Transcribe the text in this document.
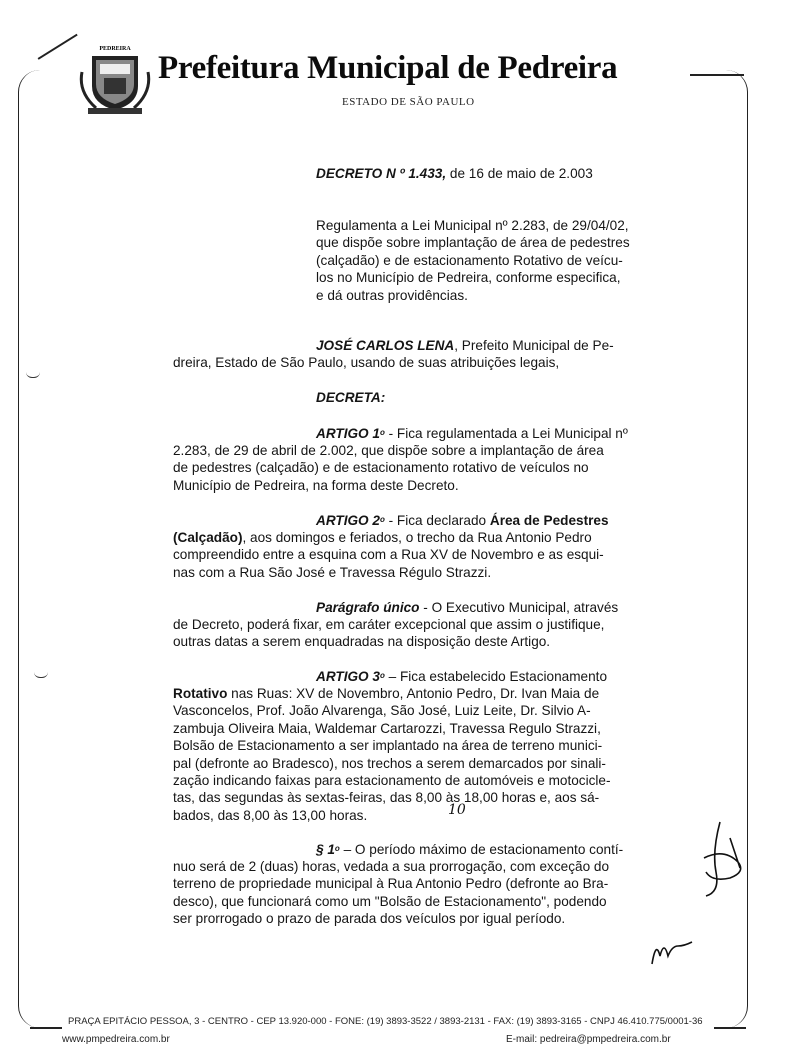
PEDREIRA
Prefeitura Municipal de Pedreira
ESTADO DE SÃO PAULO
DECRETO N º 1.433, de 16 de maio de 2.003
Regulamenta a Lei Municipal nº 2.283, de 29/04/02,
que dispõe sobre implantação de área de pedestres
(calçadão) e de estacionamento Rotativo de veícu-
los no Município de Pedreira, conforme especifica,
e dá outras providências.
JOSÉ CARLOS LENA, Prefeito Municipal de Pe-
dreira, Estado de São Paulo, usando de suas atribuições legais,
DECRETA:
ARTIGO 1$^o$ - Fica regulamentada a Lei Municipal nº
2.283, de 29 de abril de 2.002, que dispõe sobre a implantação de área
de pedestres (calçadão) e de estacionamento rotativo de veículos no
Município de Pedreira, na forma deste Decreto.
ARTIGO 2$^o$ - Fica declarado Área de Pedestres
(Calçadão), aos domingos e feriados, o trecho da Rua Antonio Pedro
compreendido entre a esquina com a Rua XV de Novembro e as esqui-
nas com a Rua São José e Travessa Régulo Strazzi.
Parágrafo único - O Executivo Municipal, através
de Decreto, poderá fixar, em caráter excepcional que assim o justifique,
outras datas a serem enquadradas na disposição deste Artigo.
ARTIGO 3$^o$ – Fica estabelecido Estacionamento
Rotativo nas Ruas: XV de Novembro, Antonio Pedro, Dr. Ivan Maia de
Vasconcelos, Prof. João Alvarenga, São José, Luiz Leite, Dr. Silvio A-
zambuja Oliveira Maia, Waldemar Cartarozzi, Travessa Regulo Strazzi,
Bolsão de Estacionamento a ser implantado na área de terreno munici-
pal (defronte ao Bradesco), nos trechos a serem demarcados por sinali-
zação indicando faixas para estacionamento de automóveis e motocicle-
tas, das segundas às sextas-feiras, das 8,00 às 18,00 horas e, aos sá-
bados, das 8,00 às 13,00 horas.	10
§ 1$^o$ – O período máximo de estacionamento contí-
nuo será de 2 (duas) horas, vedada a sua prorrogação, com exceção do
terreno de propriedade municipal à Rua Antonio Pedro (defronte ao Bra-
desco), que funcionará como um "Bolsão de Estacionamento", podendo
ser prorrogado o prazo de parada dos veículos por igual período.
PRAÇA EPITÁCIO PESSOA, 3 - CENTRO - CEP 13.920-000 - FONE: (19) 3893-3522 / 3893-2131 - FAX: (19) 3893-3165 - CNPJ 46.410.775/0001-36
www.pmpedreira.com.br	E-mail: pedreira@pmpedreira.com.br
